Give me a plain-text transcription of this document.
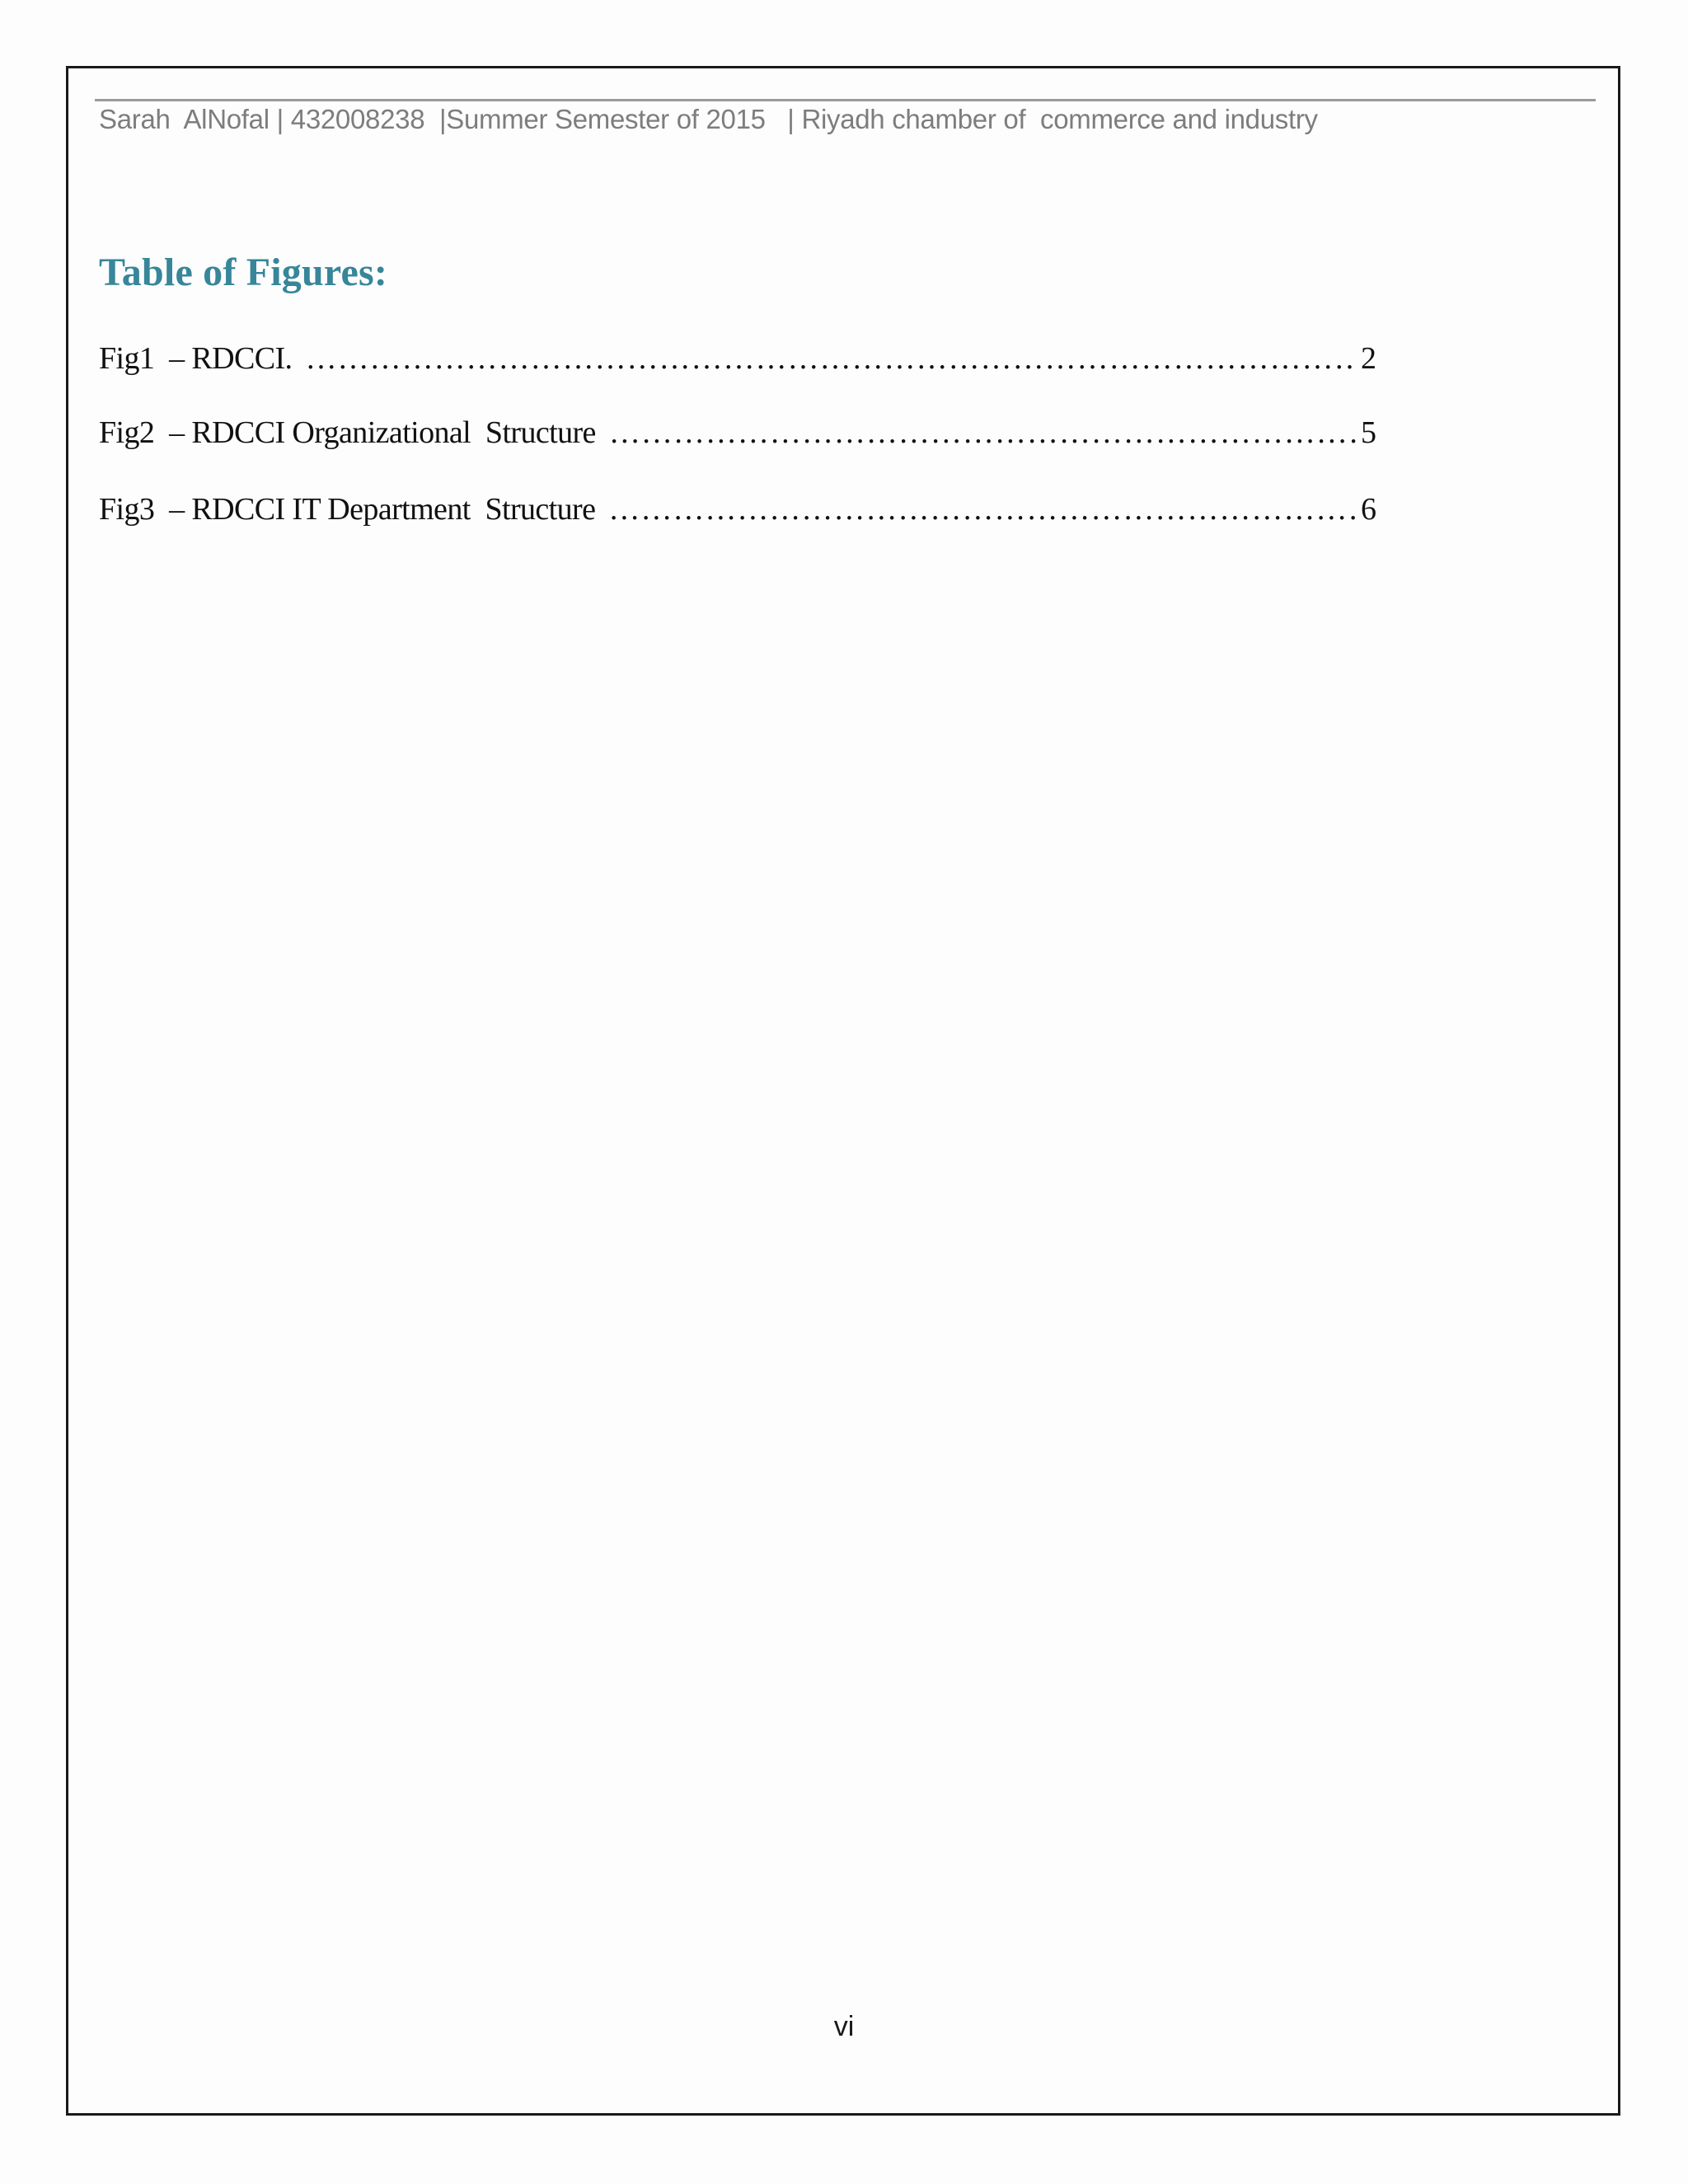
Sarah  AlNofal | 432008238  |Summer Semester of 2015   | Riyadh chamber of  commerce and industry
Table of Figures:
Fig1  – RDCCI. …………………………………………………………………………………………………………………………………………………………………………………………	2
Fig2  – RDCCI Organizational  Structure …………………………………………………………………………………………………………………………………………………………………………………………	5
Fig3  – RDCCI IT Department  Structure …………………………………………………………………………………………………………………………………………………………………………………………	6
vi
